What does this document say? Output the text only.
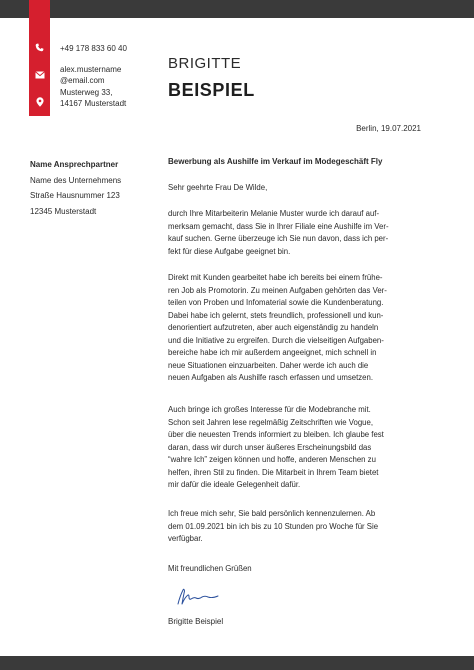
+49 178 833 60 40
alex.mustername
@email.com
Musterweg 33,
14167 Musterstadt
BRIGITTE
BEISPIEL
Name Ansprechpartner
Name des Unternehmens
Straße Hausnummer 123
12345 Musterstadt
Berlin, 19.07.2021
Bewerbung als Aushilfe im Verkauf im Modegeschäft Fly
Sehr geehrte Frau De Wilde,
durch Ihre Mitarbeiterin Melanie Muster wurde ich darauf auf-
merksam gemacht, dass Sie in Ihrer Filiale eine Aushilfe im Ver-
kauf suchen. Gerne überzeuge ich Sie nun davon, dass ich per-
fekt für diese Aufgabe geeignet bin.
Direkt mit Kunden gearbeitet habe ich bereits bei einem frühe-
ren Job als Promotorin. Zu meinen Aufgaben gehörten das Ver-
teilen von Proben und Infomaterial sowie die Kundenberatung.
Dabei habe ich gelernt, stets freundlich, professionell und kun-
denorientiert aufzutreten, aber auch eigenständig zu handeln
und die Initiative zu ergreifen. Durch die vielseitigen Aufgaben-
bereiche habe ich mir außerdem angeeignet, mich schnell in
neue Situationen einzuarbeiten. Daher werde ich auch die
neuen Aufgaben als Aushilfe rasch erfassen und umsetzen.
Auch bringe ich großes Interesse für die Modebranche mit.
Schon seit Jahren lese regelmäßig Zeitschriften wie Vogue,
über die neuesten Trends informiert zu bleiben. Ich glaube fest
daran, dass wir durch unser äußeres Erscheinungsbild das
“wahre Ich” zeigen können und hoffe, anderen Menschen zu
helfen, ihren Stil zu finden. Die Mitarbeit in Ihrem Team bietet
mir dafür die ideale Gelegenheit dafür.
Ich freue mich sehr, Sie bald persönlich kennenzulernen. Ab
dem 01.09.2021 bin ich bis zu 10 Stunden pro Woche für Sie
verfügbar.
Mit freundlichen Grüßen
Brigitte Beispiel
